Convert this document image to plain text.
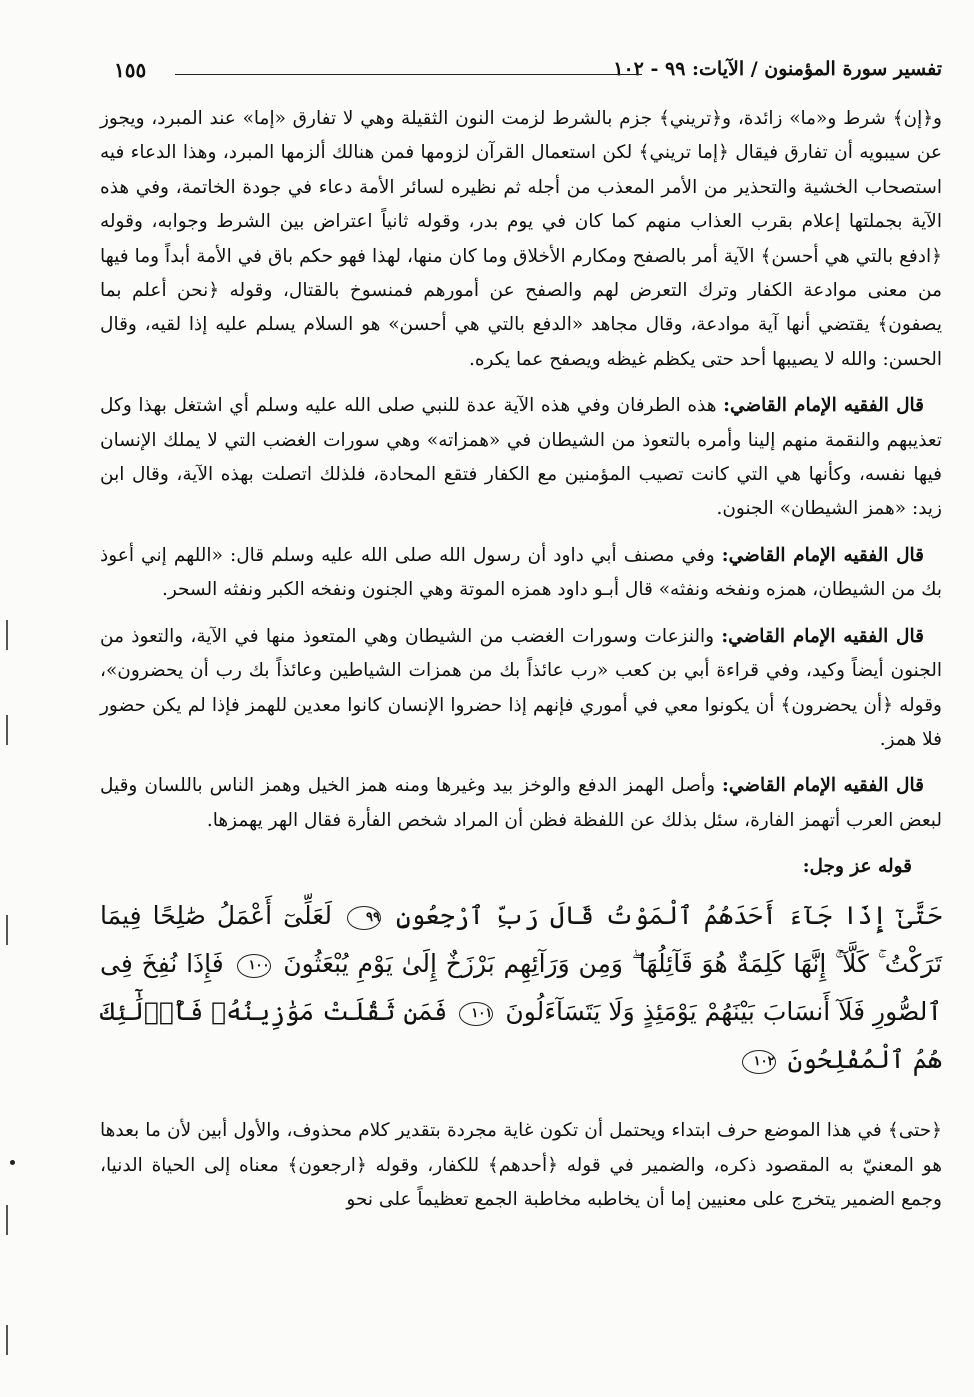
تفسير سورة المؤمنون / الآيات: ٩٩ - ١٠٢
١٥٥

و﴿إن﴾ شرط و«ما» زائدة، و﴿تريني﴾ جزم بالشرط لزمت النون الثقيلة وهي لا تفارق «إما» عند المبرد، ويجوز عن سيبويه أن تفارق فيقال ﴿إما تريني﴾ لكن استعمال القرآن لزومها فمن هنالك ألزمها المبرد، وهذا الدعاء فيه استصحاب الخشية والتحذير من الأمر المعذب من أجله ثم نظيره لسائر الأمة دعاء في جودة الخاتمة، وفي هذه الآية بجملتها إعلام بقرب العذاب منهم كما كان في يوم بدر، وقوله ثانياً اعتراض بين الشرط وجوابه، وقوله ﴿ادفع بالتي هي أحسن﴾ الآية أمر بالصفح ومكارم الأخلاق وما كان منها، لهذا فهو حكم باق في الأمة أبداً وما فيها من معنى موادعة الكفار وترك التعرض لهم والصفح عن أمورهم فمنسوخ بالقتال، وقوله ﴿نحن أعلم بما يصفون﴾ يقتضي أنها آية موادعة، وقال مجاهد «الدفع بالتي هي أحسن» هو السلام يسلم عليه إذا لقيه، وقال الحسن: والله لا يصيبها أحد حتى يكظم غيظه ويصفح عما يكره.

قال الفقيه الإمام القاضي: هذه الطرفان وفي هذه الآية عدة للنبي صلى الله عليه وسلم أي اشتغل بهذا وكل تعذيبهم والنقمة منهم إلينا وأمره بالتعوذ من الشيطان في «همزاته» وهي سورات الغضب التي لا يملك الإنسان فيها نفسه، وكأنها هي التي كانت تصيب المؤمنين مع الكفار فتقع المحادة، فلذلك اتصلت بهذه الآية، وقال ابن زيد: «همز الشيطان» الجنون.

قال الفقيه الإمام القاضي: وفي مصنف أبي داود أن رسول الله صلى الله عليه وسلم قال: «اللهم إني أعوذ بك من الشيطان، همزه ونفخه ونفثه» قال أبـو داود همزه الموتة وهي الجنون ونفخه الكبر ونفثه السحر.

قال الفقيه الإمام القاضي: والنزعات وسورات الغضب من الشيطان وهي المتعوذ منها في الآية، والتعوذ من الجنون أيضاً وكيد، وفي قراءة أبي بن كعب «رب عائذاً بك من همزات الشياطين وعائذاً بك رب أن يحضرون»، وقوله ﴿أن يحضرون﴾ أن يكونوا معي في أموري فإنهم إذا حضروا الإنسان كانوا معدين للهمز فإذا لم يكن حضور فلا همز.

قال الفقيه الإمام القاضي: وأصل الهمز الدفع والوخز بيد وغيرها ومنه همز الخيل وهمز الناس باللسان وقيل لبعض العرب أتهمز الفارة، سئل بذلك عن اللفظة فظن أن المراد شخص الفأرة فقال الهر يهمزها.

قوله عز وجل:

حَتَّىٰٓ إِذَا جَآءَ أَحَدَهُمُ ٱلْمَوْتُ قَالَ رَبِّ ٱرْجِعُونِ ٩٩ لَعَلِّىٓ أَعْمَلُ صَٰلِحًا فِيمَا تَرَكْتُ ۚ كَلَّآ ۚ إِنَّهَا كَلِمَةٌ هُوَ قَآئِلُهَا ۖ وَمِن وَرَآئِهِم بَرْزَخٌ إِلَىٰ يَوْمِ يُبْعَثُونَ ١٠٠ فَإِذَا نُفِخَ فِى ٱلصُّورِ فَلَآ أَنسَابَ بَيْنَهُمْ يَوْمَئِذٍ وَلَا يَتَسَآءَلُونَ ١٠١ فَمَن ثَقُلَتْ مَوَٰزِينُهُۥ فَأُو۟لَٰٓئِكَ هُمُ ٱلْمُفْلِحُونَ ١٠٢

﴿حتى﴾ في هذا الموضع حرف ابتداء ويحتمل أن تكون غاية مجردة بتقدير كلام محذوف، والأول أبين لأن ما بعدها هو المعنيّ به المقصود ذكره، والضمير في قوله ﴿أحدهم﴾ للكفار، وقوله ﴿ارجعون﴾ معناه إلى الحياة الدنيا، وجمع الضمير يتخرج على معنيين إما أن يخاطبه مخاطبة الجمع تعظيماً على نحو
